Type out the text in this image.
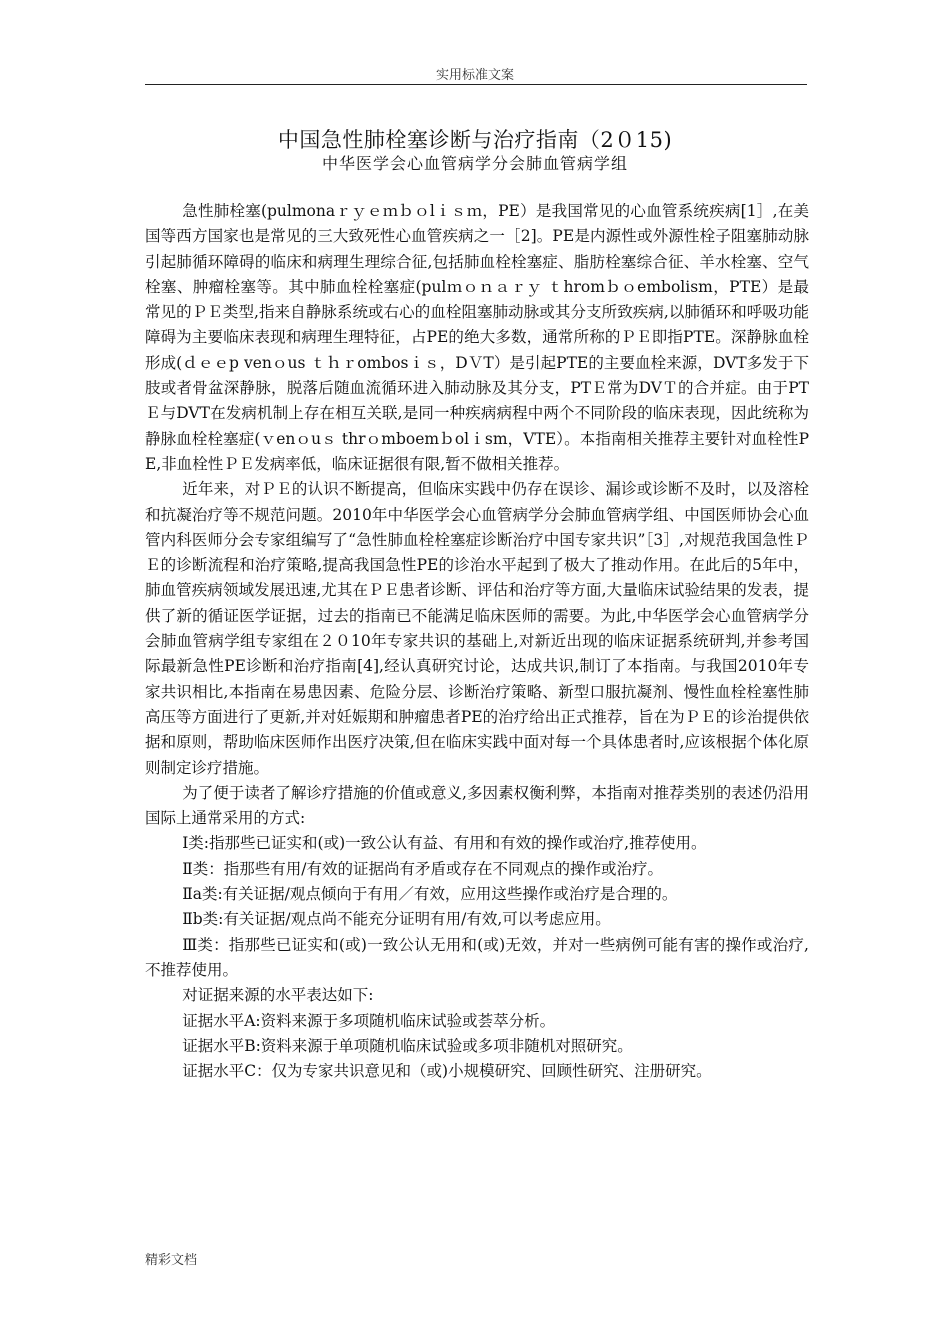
实用标准文案
中国急性肺栓塞诊断与治疗指南（2０15)
中华医学会心血管病学分会肺血管病学组

急性肺栓塞(pulmonaｒｙｅｍｂｏlｉｓｍ，PE）是我国常见的心血管系统疾病[1］,在美国等西方国家也是常见的三大致死性心血管疾病之一［2]。PE是内源性或外源性栓子阻塞肺动脉引起肺循环障碍的临床和病理生理综合征,包括肺血栓栓塞症、脂肪栓塞综合征、羊水栓塞、空气栓塞、肿瘤栓塞等。其中肺血栓栓塞症(pulｍｏｎａｒｙ ｔhromｂｏembolism，PTE）是最常见的ＰＥ类型,指来自静脉系统或右心的血栓阻塞肺动脉或其分支所致疾病,以肺循环和呼吸功能障碍为主要临床表现和病理生理特征，占PE的绝大多数，通常所称的ＰＥ即指PTE。深静脉血栓形成(ｄｅｅp venｏus ｔｈｒombosｉｓ，DＶT）是引起PTE的主要血栓来源，DVT多发于下肢或者骨盆深静脉，脱落后随血流循环进入肺动脉及其分支，PTＥ常为DVＴ的合并症。由于PTＥ与DVT在发病机制上存在相互关联,是同一种疾病病程中两个不同阶段的临床表现，因此统称为静脉血栓栓塞症(ｖenｏuｓ thrｏmboemｂolｉsm，VTE）。本指南相关推荐主要针对血栓性PE,非血栓性ＰＥ发病率低，临床证据很有限,暂不做相关推荐。

近年来，对ＰＥ的认识不断提高，但临床实践中仍存在误诊、漏诊或诊断不及时，以及溶栓和抗凝治疗等不规范问题。2010年中华医学会心血管病学分会肺血管病学组、中国医师协会心血管内科医师分会专家组编写了“急性肺血栓栓塞症诊断治疗中国专家共识”［3］,对规范我国急性ＰＥ的诊断流程和治疗策略,提高我国急性PE的诊治水平起到了极大了推动作用。在此后的5年中，肺血管疾病领域发展迅速,尤其在ＰＥ患者诊断、评估和治疗等方面,大量临床试验结果的发表，提供了新的循证医学证据，过去的指南已不能满足临床医师的需要。为此,中华医学会心血管病学分会肺血管病学组专家组在２０10年专家共识的基础上,对新近出现的临床证据系统研判,并参考国际最新急性PE诊断和治疗指南[4],经认真研究讨论，达成共识,制订了本指南。与我国2010年专家共识相比,本指南在易患因素、危险分层、诊断治疗策略、新型口服抗凝剂、慢性血栓栓塞性肺高压等方面进行了更新,并对妊娠期和肿瘤患者PE的治疗给出正式推荐，旨在为ＰＥ的诊治提供依据和原则，帮助临床医师作出医疗决策,但在临床实践中面对每一个具体患者时,应该根据个体化原则制定诊疗措施。

为了便于读者了解诊疗措施的价值或意义,多因素权衡利弊，本指南对推荐类别的表述仍沿用国际上通常采用的方式:

Ⅰ类:指那些已证实和(或)一致公认有益、有用和有效的操作或治疗,推荐使用。

Ⅱ类：指那些有用/有效的证据尚有矛盾或存在不同观点的操作或治疗。

Ⅱa类:有关证据/观点倾向于有用／有效，应用这些操作或治疗是合理的。

Ⅱb类:有关证据/观点尚不能充分证明有用/有效,可以考虑应用。

Ⅲ类：指那些已证实和(或)一致公认无用和(或)无效，并对一些病例可能有害的操作或治疗,不推荐使用。

对证据来源的水平表达如下:

证据水平A:资料来源于多项随机临床试验或荟萃分析。

证据水平B:资料来源于单项随机临床试验或多项非随机对照研究。

证据水平C：仅为专家共识意见和（或)小规模研究、回顾性研究、注册研究。

精彩文档
